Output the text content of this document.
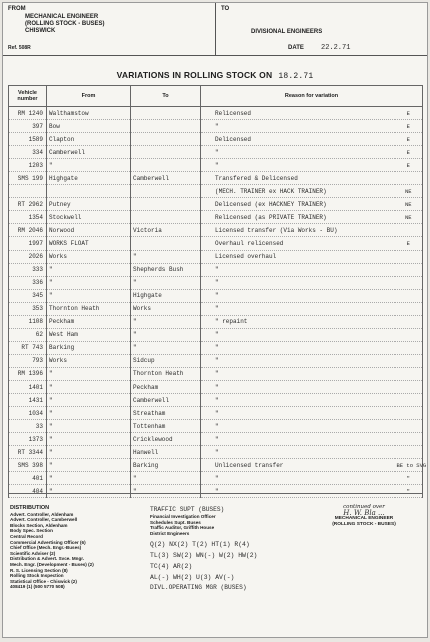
FROM
MECHANICAL ENGINEER
(ROLLING STOCK - BUSES)
CHISWICK
Ref. 508R
TO
DIVISIONAL ENGINEERS
DATE 22.2.71
VARIATIONS IN ROLLING STOCK ON 18.2.71
Vehicle number	From	To	Reason for variation	
RM 1240	Walthamstow		Relicensed	E
397	Bow		"	E
1589	Clapton		Delicensed	E
334	Camberwell		"	E
1203	"		"	E
SMS 199	Highgate	Camberwell	Transfered & Delicensed	
			(MECH. TRAINER ex HACK TRAINER)	NE
RT 2962	Putney		Delicensed (ex HACKNEY TRAINER)	NE
1354	Stockwell		Relicensed (as PRIVATE TRAINER)	NE
RM 2046	Norwood	Victoria	Licensed transfer (Via Works - BU)	
1997	WORKS FLOAT		Overhaul relicensed	E
2026	Works	"	Licensed overhaul	
333	"	Shepherds Bush	"	
336	"	"	"	
345	"	Highgate	"	
353	Thornton Heath	Works	"	
1108	Peckham	"	" repaint	
62	West Ham	"	"	
RT 743	Barking	"	"	
793	Works	Sidcup	"	
RM 1396	"	Thornton Heath	"	
1401	"	Peckham	"	
1431	"	Camberwell	"	
1034	"	Streatham	"	
33	"	Tottenham	"	
1373	"	Cricklewood	"	
RT 3344	"	Hanwell	"	
SMS 398	"	Barking	Unlicensed transfer	BE to SVG
401	"	"	"	"
404	"	"	"	"
DISTRIBUTION
Advert. Controller, Aldenham
Advert. Controller, Camberwell
Blocks Section, Aldenham
Body Spec. Section
Central Record
Commercial Advertising Officer (6)
Chief Office (Mech. Engr.-Buses)
Scientific Adviser (2)
Distribution & Advert. Svce. Mngr.
Mech. Engr. (Development - Buses) (2)
R. S. Licensing Section (8)
Rolling Stock Inspection
Statistical Office - Chiswick (2)
408419 (1) (500 5770 508)
TRAFFIC SUPT (BUSES)
Financial Investigation Officer
Schedules Supt. Buses
Traffic Auditor, Griffith House
District Engineers
Q(2) NX(2) T(2) HT(1) R(4)
TL(3) SW(2) WN(-) W(2) HW(2)
TC(4) AR(2)
AL(-) WH(2) U(3) AV(-)
DIVL.OPERATING MGR (BUSES)
continued over
H. W. Bla ...
MECHANICAL ENGINEER
(ROLLING STOCK - BUSES)
